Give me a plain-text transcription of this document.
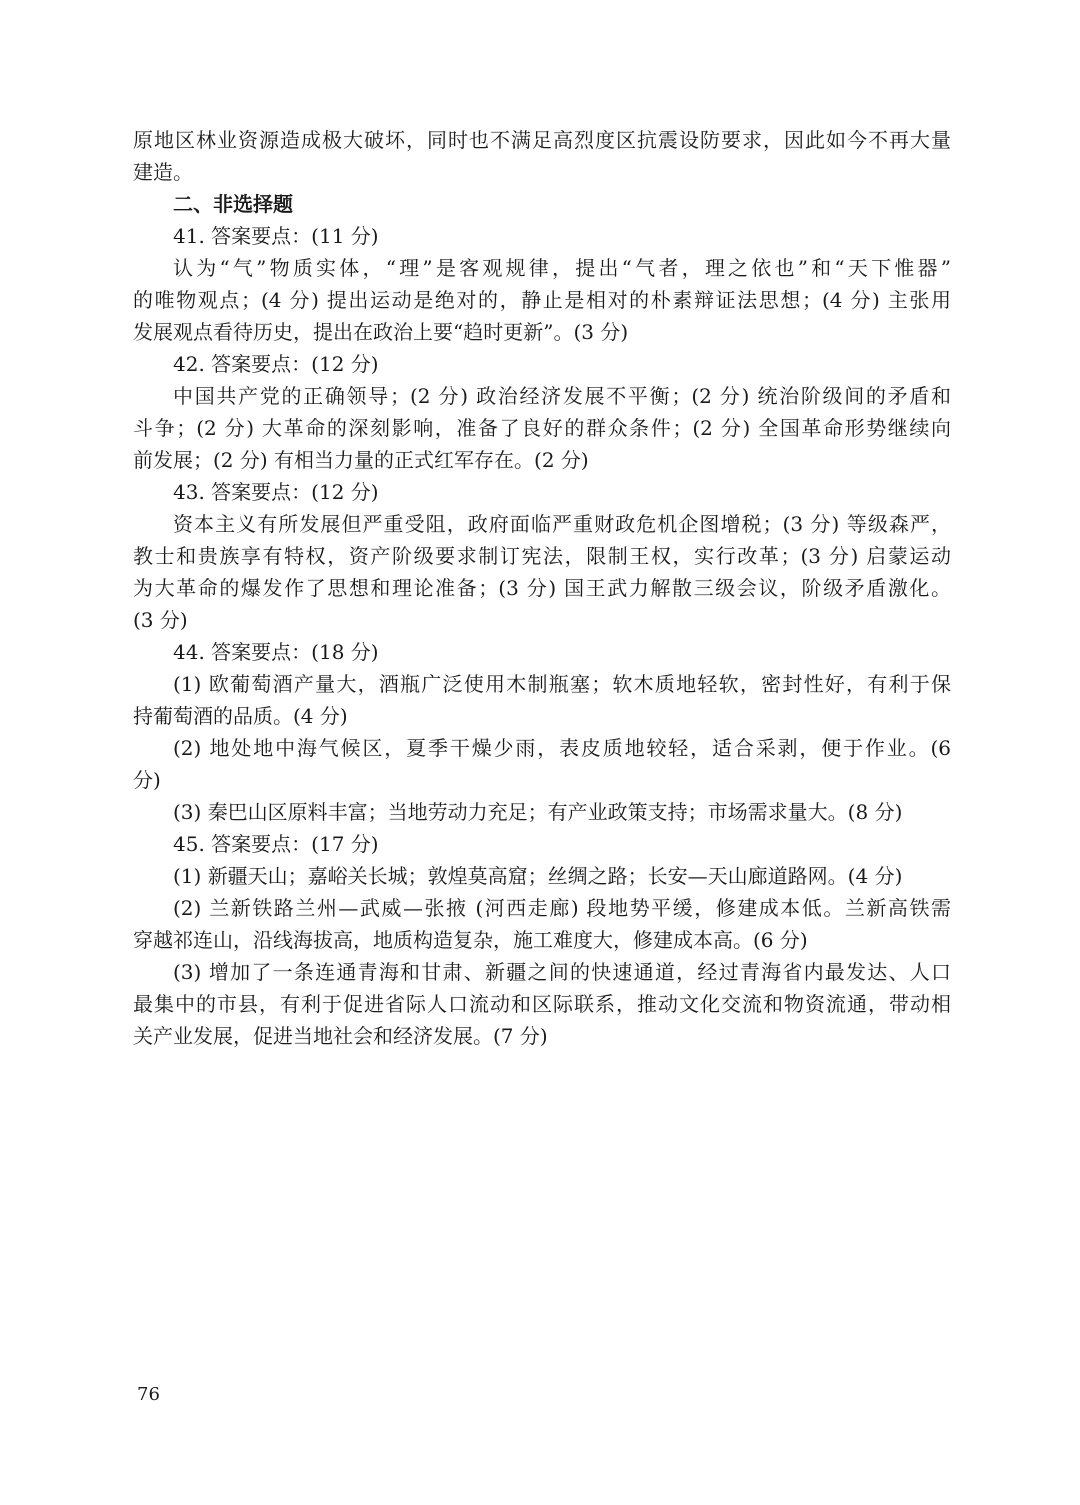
原地区林业资源造成极大破坏，同时也不满足高烈度区抗震设防要求，因此如今不再大量
建造。
二、非选择题
41. 答案要点：(11 分)
认为“气”物质实体，“理”是客观规律，提出“气者，理之依也”和“天下惟器”
的唯物观点；(4 分) 提出运动是绝对的，静止是相对的朴素辩证法思想；(4 分) 主张用
发展观点看待历史，提出在政治上要“趋时更新”。(3 分)
42. 答案要点：(12 分)
中国共产党的正确领导；(2 分) 政治经济发展不平衡；(2 分) 统治阶级间的矛盾和
斗争；(2 分) 大革命的深刻影响，准备了良好的群众条件；(2 分) 全国革命形势继续向
前发展；(2 分) 有相当力量的正式红军存在。(2 分)
43. 答案要点：(12 分)
资本主义有所发展但严重受阻，政府面临严重财政危机企图增税；(3 分) 等级森严，
教士和贵族享有特权，资产阶级要求制订宪法，限制王权，实行改革；(3 分) 启蒙运动
为大革命的爆发作了思想和理论准备；(3 分) 国王武力解散三级会议，阶级矛盾激化。
(3 分)
44. 答案要点：(18 分)
(1) 欧葡萄酒产量大，酒瓶广泛使用木制瓶塞；软木质地轻软，密封性好，有利于保
持葡萄酒的品质。(4 分)
(2) 地处地中海气候区，夏季干燥少雨，表皮质地较轻，适合采剥，便于作业。(6
分)
(3) 秦巴山区原料丰富；当地劳动力充足；有产业政策支持；市场需求量大。(8 分)
45. 答案要点：(17 分)
(1) 新疆天山；嘉峪关长城；敦煌莫高窟；丝绸之路；长安—天山廊道路网。(4 分)
(2) 兰新铁路兰州—武威—张掖 (河西走廊) 段地势平缓，修建成本低。兰新高铁需
穿越祁连山，沿线海拔高，地质构造复杂，施工难度大，修建成本高。(6 分)
(3) 增加了一条连通青海和甘肃、新疆之间的快速通道，经过青海省内最发达、人口
最集中的市县，有利于促进省际人口流动和区际联系，推动文化交流和物资流通，带动相
关产业发展，促进当地社会和经济发展。(7 分)
76
